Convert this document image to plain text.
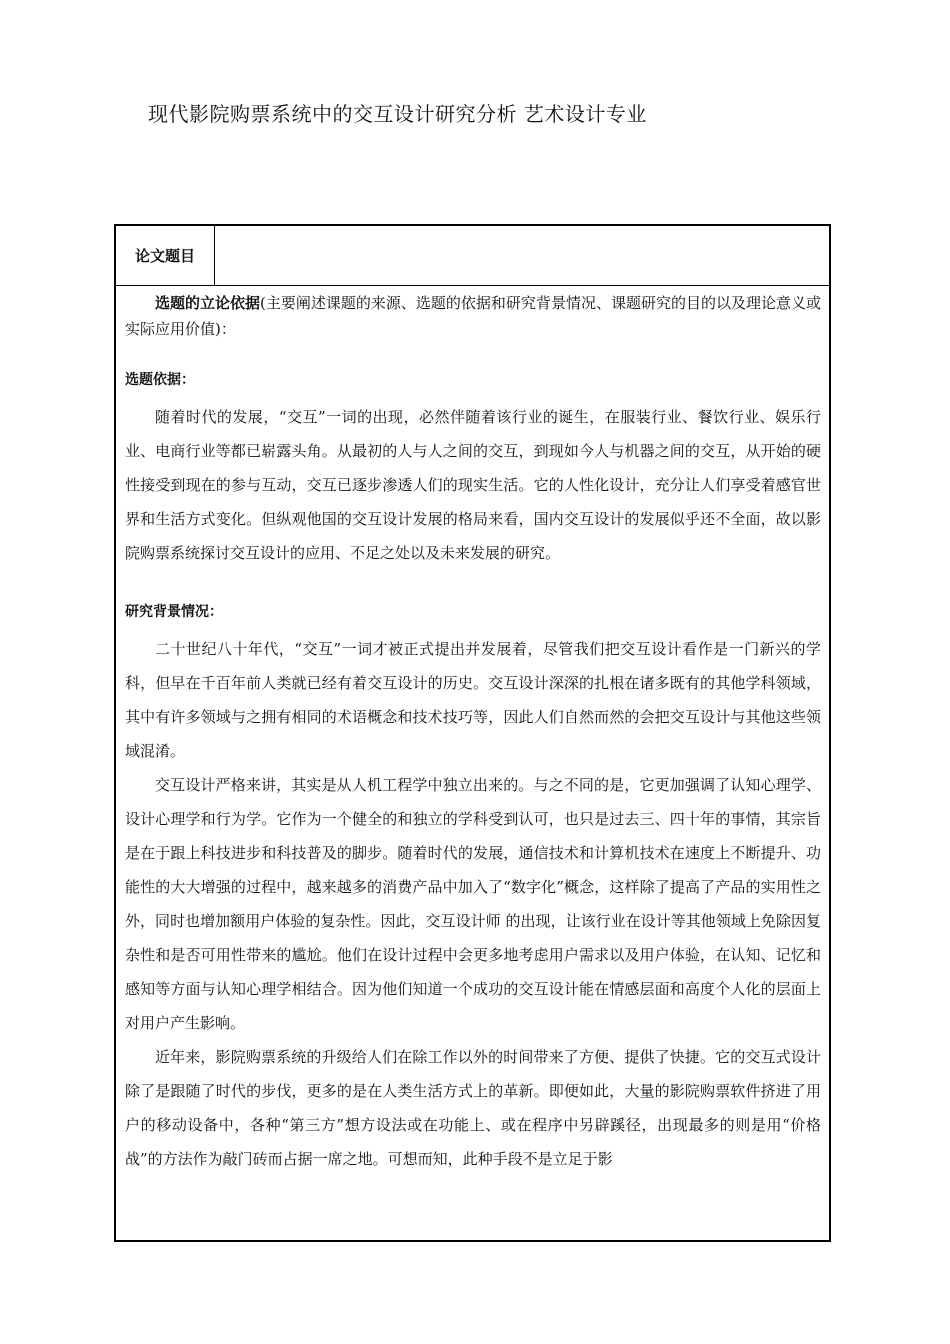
现代影院购票系统中的交互设计研究分析 艺术设计专业
论文题目

选题的立论依据(主要阐述课题的来源、选题的依据和研究背景情况、课题研究的目的以及理论意义或实际应用价值)：

选题依据：

随着时代的发展，“交互”一词的出现，必然伴随着该行业的诞生，在服装行业、餐饮行业、娱乐行业、电商行业等都已崭露头角。从最初的人与人之间的交互，到现如今人与机器之间的交互，从开始的硬性接受到现在的参与互动，交互已逐步渗透人们的现实生活。它的人性化设计，充分让人们享受着感官世界和生活方式变化。但纵观他国的交互设计发展的格局来看，国内交互设计的发展似乎还不全面，故以影院购票系统探讨交互设计的应用、不足之处以及未来发展的研究。

研究背景情况：

二十世纪八十年代，“交互”一词才被正式提出并发展着，尽管我们把交互设计看作是一门新兴的学科，但早在千百年前人类就已经有着交互设计的历史。交互设计深深的扎根在诸多既有的其他学科领域，其中有许多领域与之拥有相同的术语概念和技术技巧等，因此人们自然而然的会把交互设计与其他这些领域混淆。

交互设计严格来讲，其实是从人机工程学中独立出来的。与之不同的是，它更加强调了认知心理学、设计心理学和行为学。它作为一个健全的和独立的学科受到认可，也只是过去三、四十年的事情，其宗旨是在于跟上科技进步和科技普及的脚步。随着时代的发展，通信技术和计算机技术在速度上不断提升、功能性的大大增强的过程中，越来越多的消费产品中加入了“数字化”概念，这样除了提高了产品的实用性之外，同时也增加额用户体验的复杂性。因此，交互设计师 的出现，让该行业在设计等其他领域上免除因复杂性和是否可用性带来的尴尬。他们在设计过程中会更多地考虑用户需求以及用户体验，在认知、记忆和感知等方面与认知心理学相结合。因为他们知道一个成功的交互设计能在情感层面和高度个人化的层面上对用户产生影响。

近年来，影院购票系统的升级给人们在除工作以外的时间带来了方便、提供了快捷。它的交互式设计除了是跟随了时代的步伐，更多的是在人类生活方式上的革新。即便如此，大量的影院购票软件挤进了用户的移动设备中，各种“第三方”想方设法或在功能上、或在程序中另辟蹊径，出现最多的则是用“价格战”的方法作为敲门砖而占据一席之地。可想而知，此种手段不是立足于影
